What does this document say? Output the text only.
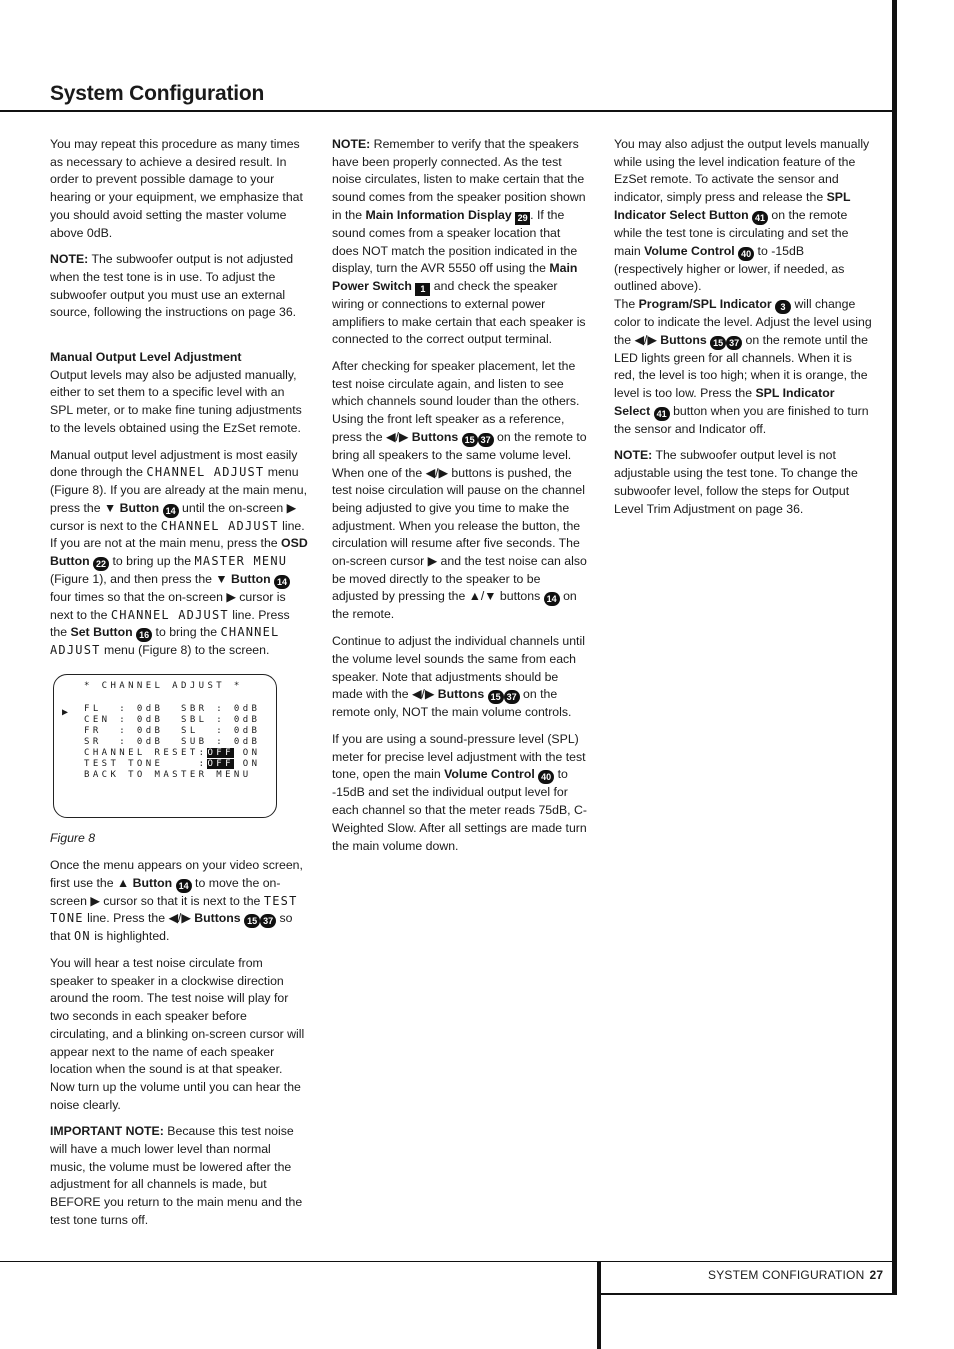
System Configuration

You may repeat this procedure as many times as necessary to achieve a desired result. In order to prevent possible damage to your hearing or your equipment, we emphasize that you should avoid setting the master volume above 0dB.

NOTE: The subwoofer output is not adjusted when the test tone is in use. To adjust the subwoofer output you must use an external source, following the instructions on page 36.

Manual Output Level Adjustment

Output levels may also be adjusted manually, either to set them to a specific level with an SPL meter, or to make fine tuning adjustments to the levels obtained using the EzSet remote.

Manual output level adjustment is most easily done through the CHANNEL ADJUST menu (Figure 8). If you are already at the main menu, press the ▼ Button 14 until the on-screen ▶ cursor is next to the CHANNEL ADJUST line. If you are not at the main menu, press the OSD Button 22 to bring up the MASTER MENU (Figure 1), and then press the ▼ Button 14 four times so that the on-screen ▶ cursor is next to the CHANNEL ADJUST line. Press the Set Button 16 to bring the CHANNEL ADJUST menu (Figure 8) to the screen.

▶
* CHANNEL ADJUST *
FL  : 0dB  SBR : 0dB
CEN : 0dB  SBL : 0dB
FR  : 0dB  SL  : 0dB
SR  : 0dB  SUB : 0dB
CHANNEL RESET:OFF ON
TEST TONE    :OFF ON
BACK TO MASTER MENU

Figure 8

Once the menu appears on your video screen, first use the ▲ Button 14 to move the on-screen ▶ cursor so that it is next to the TEST TONE line. Press the ◀/▶ Buttons 15 37 so that ON is highlighted.

You will hear a test noise circulate from speaker to speaker in a clockwise direction around the room. The test noise will play for two seconds in each speaker before circulating, and a blinking on-screen cursor will appear next to the name of each speaker location when the sound is at that speaker. Now turn up the volume until you can hear the noise clearly.

IMPORTANT NOTE: Because this test noise will have a much lower level than normal music, the volume must be lowered after the adjustment for all channels is made, but BEFORE you return to the main menu and the test tone turns off.

NOTE: Remember to verify that the speakers have been properly connected. As the test noise circulates, listen to make certain that the sound comes from the speaker position shown in the Main Information Display 29 . If the sound comes from a speaker location that does NOT match the position indicated in the display, turn the AVR 5550 off using the Main Power Switch 1 and check the speaker wiring or connections to external power amplifiers to make certain that each speaker is connected to the correct output terminal.

After checking for speaker placement, let the test noise circulate again, and listen to see which channels sound louder than the others. Using the front left speaker as a reference, press the ◀/▶ Buttons 15 37 on the remote to bring all speakers to the same volume level. When one of the ◀/▶ buttons is pushed, the test noise circulation will pause on the channel being adjusted to give you time to make the adjustment. When you release the button, the circulation will resume after five seconds. The on-screen cursor ▶ and the test noise can also be moved directly to the speaker to be adjusted by pressing the ▲/▼ buttons 14 on the remote.

Continue to adjust the individual channels until the volume level sounds the same from each speaker. Note that adjustments should be made with the ◀/▶ Buttons 15 37 on the remote only, NOT the main volume controls.

If you are using a sound-pressure level (SPL) meter for precise level adjustment with the test tone, open the main Volume Control 40 to -15dB and set the individual output level for each channel so that the meter reads 75dB, C-Weighted Slow. After all settings are made turn the main volume down.

You may also adjust the output levels manually while using the level indication feature of the EzSet remote. To activate the sensor and indicator, simply press and release the SPL Indicator Select Button 41 on the remote while the test tone is circulating and set the main Volume Control 40 to -15dB (respectively higher or lower, if needed, as outlined above).
The Program/SPL Indicator 3 will change color to indicate the level. Adjust the level using the ◀/▶ Buttons 15 37 on the remote until the LED lights green for all channels. When it is red, the level is too high; when it is orange, the level is too low. Press the SPL Indicator Select 41 button when you are finished to turn the sensor and Indicator off.

NOTE: The subwoofer output level is not adjustable using the test tone. To change the subwoofer level, follow the steps for Output Level Trim Adjustment on page 36.

SYSTEM CONFIGURATION 27
